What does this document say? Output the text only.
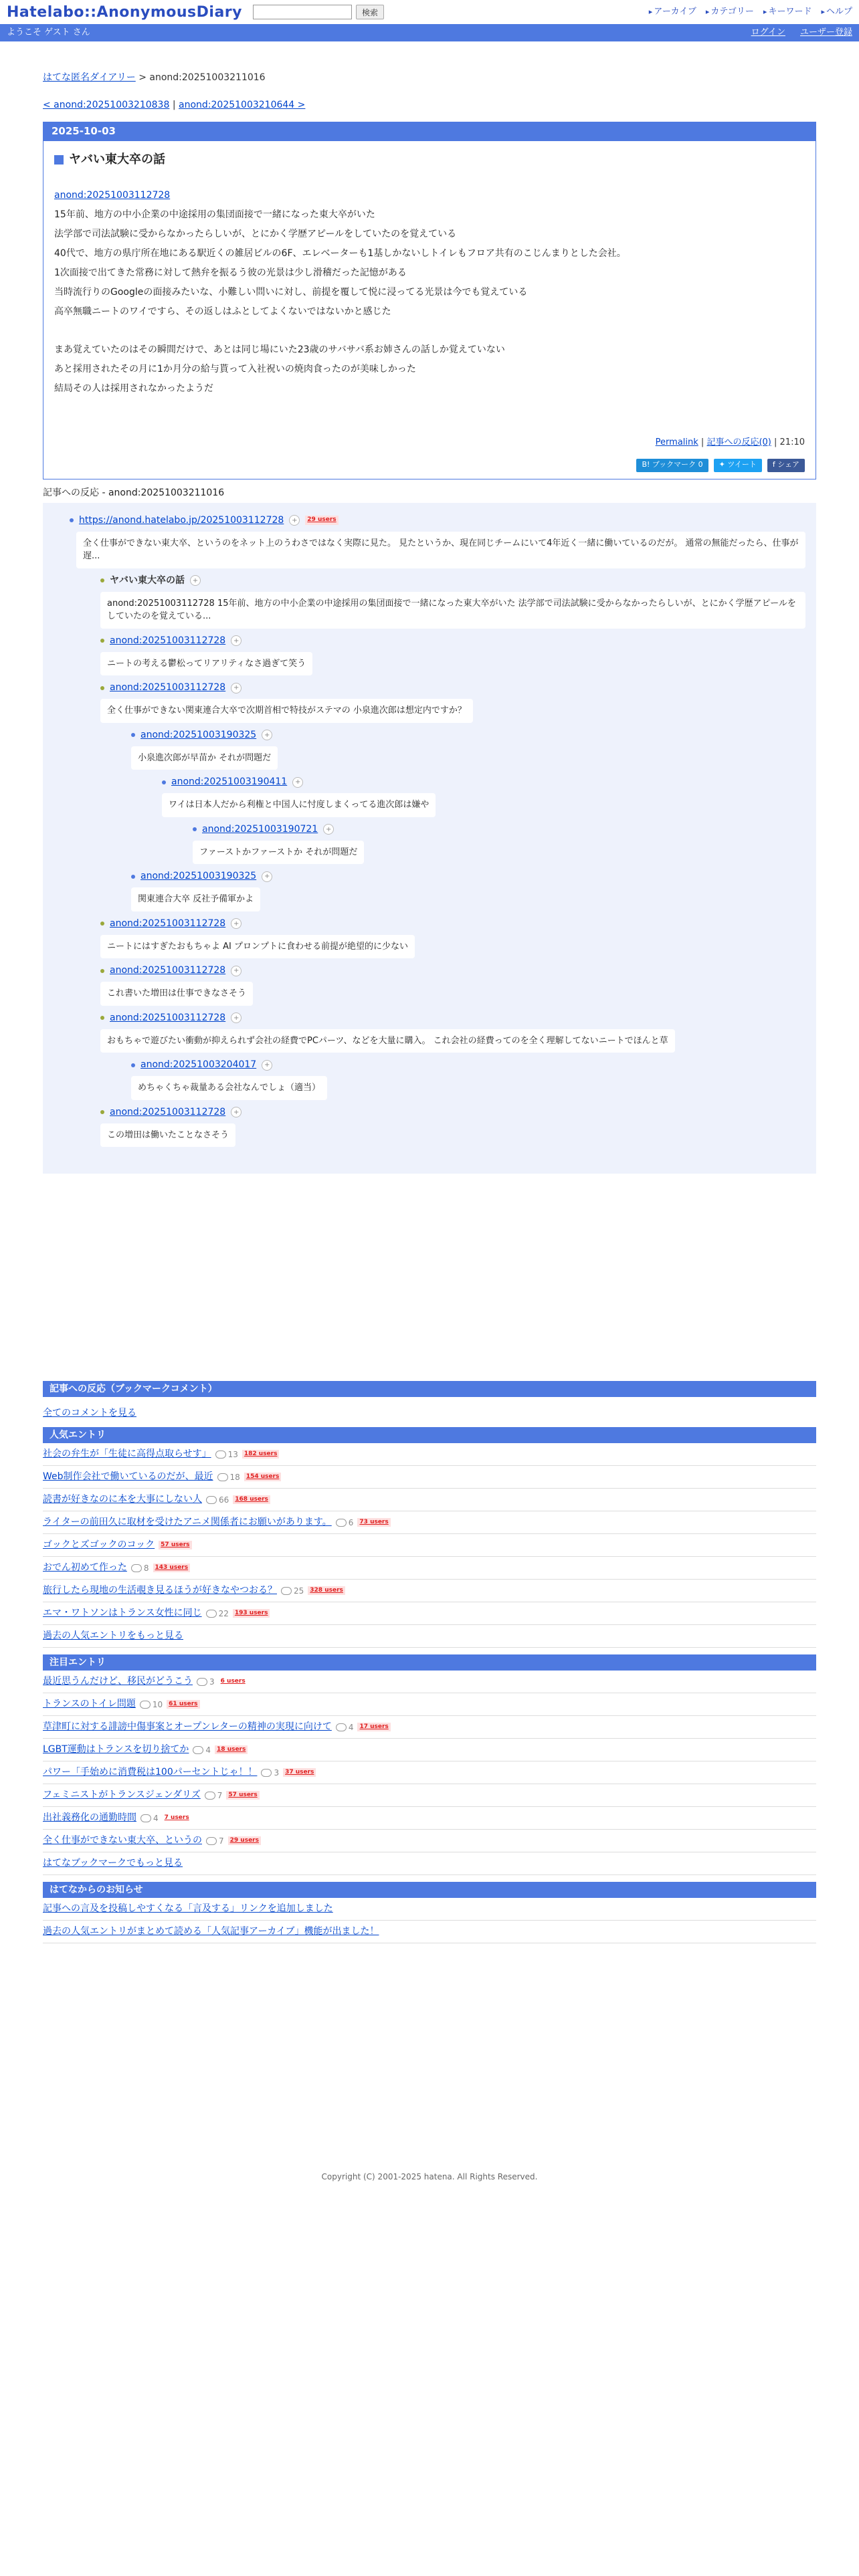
Hatelabo::AnonymousDiary	検索	▸ アーカイブ	▸ カテゴリー	▸ キーワード	▸ ヘルプ
ようこそ ゲスト さん	ログイン ユーザー登録
はてな匿名ダイアリー > anond:20251003211016
< anond:20251003210838 | anond:20251003210644 >
2025-10-03
ヤバい東大卒の話
anond:20251003112728

15年前、地方の中小企業の中途採用の集団面接で一緒になった東大卒がいた

法学部で司法試験に受からなかったらしいが、とにかく学歴アピールをしていたのを覚えている

40代で、地方の県庁所在地にある駅近くの雑居ビルの6F、エレベーターも1基しかないしトイレもフロア共有のこじんまりとした会社。

1次面接で出てきた常務に対して熱弁を振るう彼の光景は少し滑稽だった記憶がある

当時流行りのGoogleの面接みたいな、小難しい問いに対し、前提を覆して悦に浸ってる光景は今でも覚えている

高卒無職ニートのワイですら、その返しはふとしてよくないではないかと感じた

まあ覚えていたのはその瞬間だけで、あとは同じ場にいた23歳のサバサバ系お姉さんの話しか覚えていない

あと採用されたその月に1か月分の給与貰って入社祝いの焼肉食ったのが美味しかった

結局その人は採用されなかったようだ

Permalink | 記事への反応(0) | 21:10
B! ブックマーク 0	✦ ツイート f シェア
記事への反応 - anond:20251003211016
https://anond.hatelabo.jp/20251003112728	+	29 users
全く仕事ができない東大卒、というのをネット上のうわさではなく実際に見た。 見たというか、現在同じチームにいて4年近く一緒に働いているのだが。 通常の無能だったら、仕事が遅...
ヤバい東大卒の話	+
anond:20251003112728 15年前、地方の中小企業の中途採用の集団面接で一緒になった東大卒がいた 法学部で司法試験に受からなかったらしいが、とにかく学歴アピールをしていたのを覚えている...
anond:20251003112728	+
ニートの考える鬱松ってリアリティなさ過ぎて笑う
anond:20251003112728	+
全く仕事ができない関東連合大卒で次期首相で特技がステマの 小泉進次郎は想定内ですか？
anond:20251003190325	+
小泉進次郎が早苗か それが問題だ
anond:20251003190411	+
ワイは日本人だから利権と中国人に忖度しまくってる進次郎は嫌や
anond:20251003190721	+
ファーストかファーストか それが問題だ
anond:20251003190325	+
関東連合大卒 反社予備軍かよ
anond:20251003112728	+
ニートにはすぎたおもちゃよ AI プロンプトに食わせる前提が絶望的に少ない
anond:20251003112728	+
これ書いた増田は仕事できなさそう
anond:20251003112728	+
おもちゃで遊びたい衝動が抑えられず会社の経費でPCパーツ、などを大量に購入。 これ会社の経費ってのを全く理解してないニートでほんと草
anond:20251003204017	+
めちゃくちゃ裁量ある会社なんでしょ（適当）
anond:20251003112728	+
この増田は働いたことなさそう
記事への反応（ブックマークコメント）
全てのコメントを見る
人気エントリ
社会の弁生が「生徒に高得点取らせす」 13	182 users
Web制作会社で働いているのだが、最近 18	154 users
読書が好きなのに本を大事にしない人 66	168 users
ライターの前田久に取材を受けたアニメ関係者にお願いがあります。 6	73 users
ゴックとズゴックのコック	57 users
おでん初めて作った 8	143 users
旅行したら現地の生活覗き見るほうが好きなやつおる？ 25	328 users
エマ・ワトソンはトランス女性に同じ 22	193 users
過去の人気エントリをもっと見る
注目エントリ
最近思うんだけど、移民がどうこう 3	6 users
トランスのトイレ問題 10	61 users
草津町に対する誹謗中傷事案とオープンレターの精神の実現に向けて 4	17 users
LGBT運動はトランスを切り捨てか 4	18 users
パワー「手始めに消費税は100パーセントじゃ！！ 3	37 users
フェミニストがトランスジェンダリズ 7	57 users
出社義務化の通勤時間 4	7 users
全く仕事ができない東大卒、というの 7	29 users
はてなブックマークでもっと見る
はてなからのお知らせ
記事への言及を投稿しやすくなる「言及する」リンクを追加しました
過去の人気エントリがまとめて読める「人気記事アーカイブ」機能が出ました！
Copyright (C) 2001-2025 hatena. All Rights Reserved.
